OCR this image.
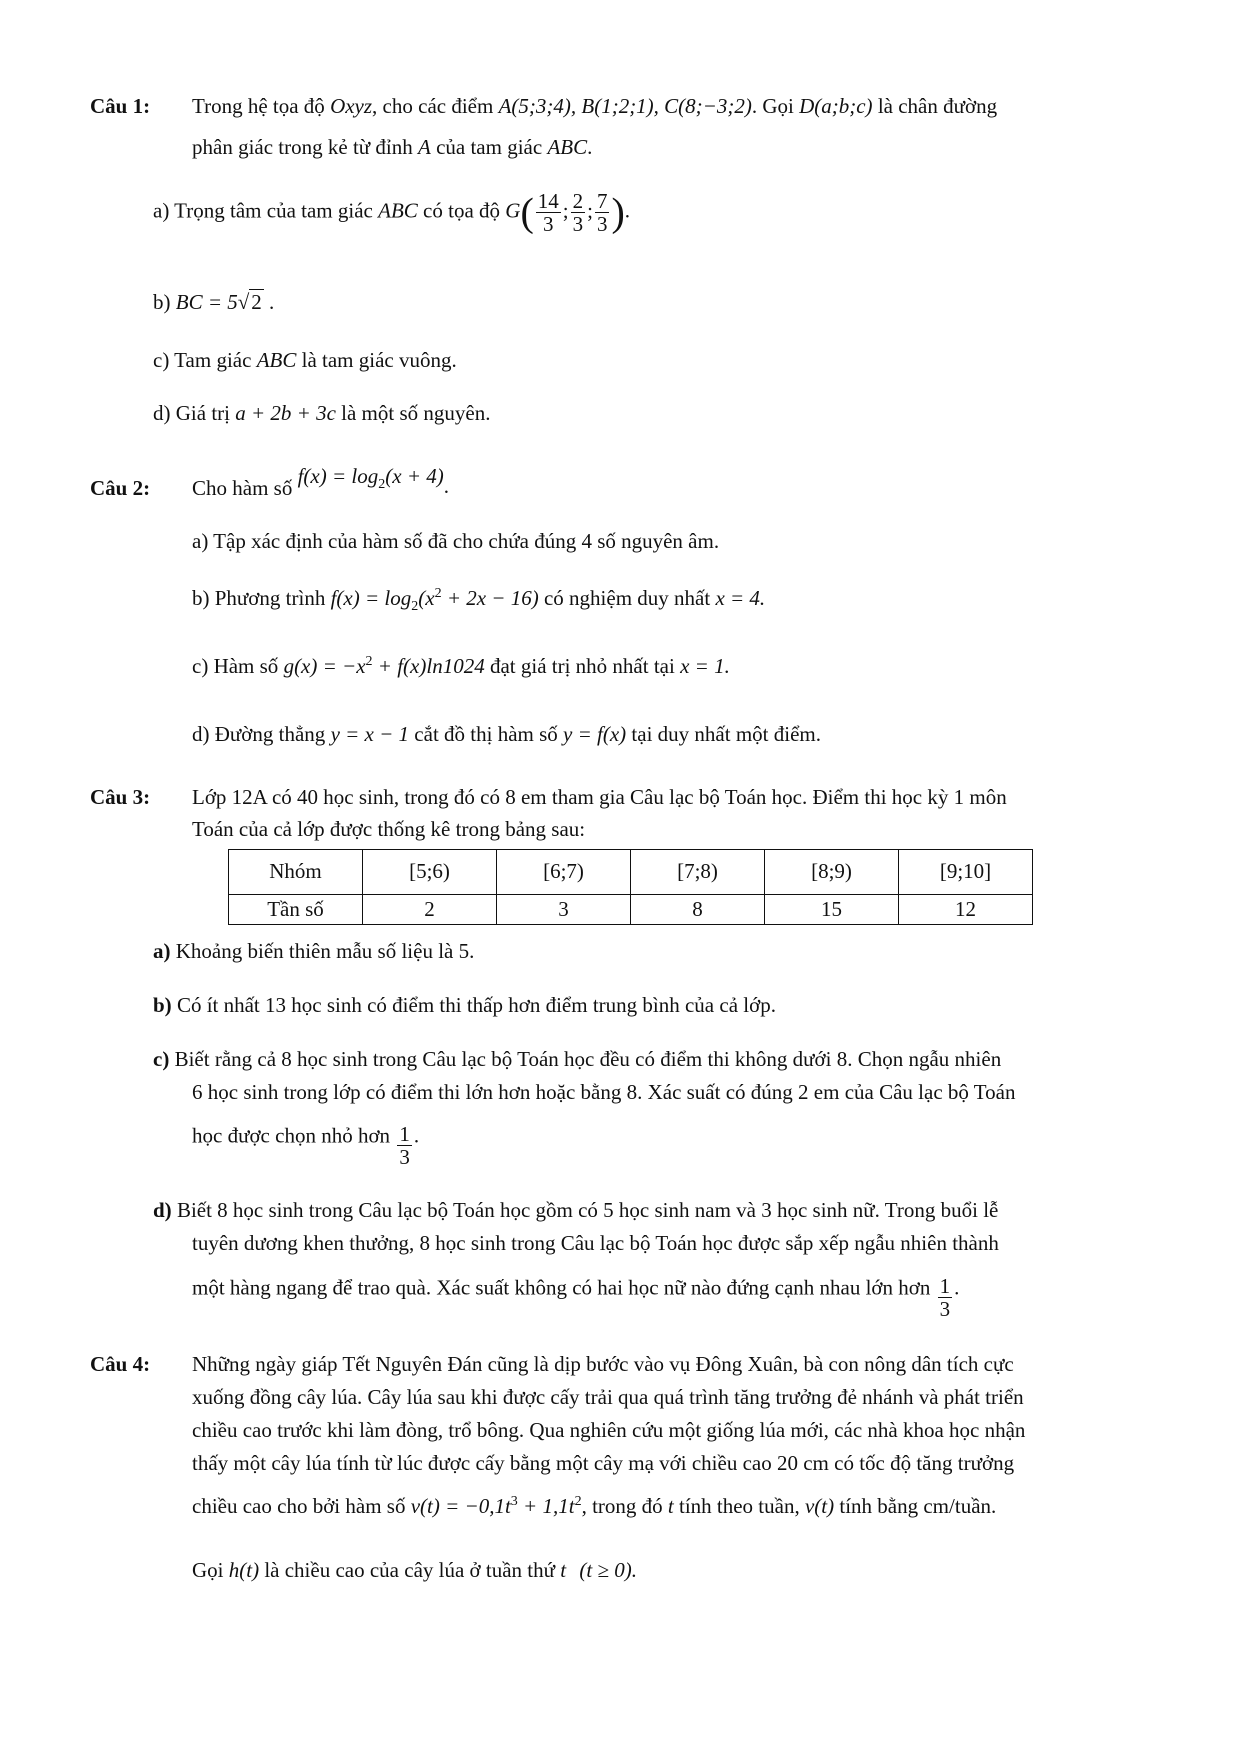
Câu 1: Trong hệ tọa độ Oxyz, cho các điểm A(5;3;4), B(1;2;1), C(8;−3;2). Gọi D(a;b;c) là chân đường
phân giác trong kẻ từ đỉnh A của tam giác ABC.
a) Trọng tâm của tam giác ABC có tọa độ $G( \frac{14}{3}$ ; $\frac{2}{3}$ ; $\frac{7}{3}$ ).
b) BC = 5√2 .
c) Tam giác ABC là tam giác vuông.
d) Giá trị a + 2b + 3c là một số nguyên.
Câu 2: Cho hàm số $f(x) = \log_2(x + 4)$.
a) Tập xác định của hàm số đã cho chứa đúng 4 số nguyên âm.
b) Phương trình $f(x) = \log_2(x^2 + 2x - 16)$ có nghiệm duy nhất x = 4.
c) Hàm số $g(x) = -x^2 + f(x)\ln 1024$ đạt giá trị nhỏ nhất tại x = 1.
d) Đường thẳng y = x − 1 cắt đồ thị hàm số y = f(x) tại duy nhất một điểm.
Câu 3: Lớp 12A có 40 học sinh, trong đó có 8 em tham gia Câu lạc bộ Toán học. Điểm thi học kỳ 1 môn
Toán của cả lớp được thống kê trong bảng sau:
Nhóm	[5;6)	[6;7)	[7;8)	[8;9)	[9;10]
Tần số	2	3	8	15	12
a) Khoảng biến thiên mẫu số liệu là 5.
b) Có ít nhất 13 học sinh có điểm thi thấp hơn điểm trung bình của cả lớp.
c) Biết rằng cả 8 học sinh trong Câu lạc bộ Toán học đều có điểm thi không dưới 8. Chọn ngẫu nhiên
6 học sinh trong lớp có điểm thi lớn hơn hoặc bằng 8. Xác suất có đúng 2 em của Câu lạc bộ Toán
học được chọn nhỏ hơn $\frac{1}{3}$ .
d) Biết 8 học sinh trong Câu lạc bộ Toán học gồm có 5 học sinh nam và 3 học sinh nữ. Trong buổi lễ
tuyên dương khen thưởng, 8 học sinh trong Câu lạc bộ Toán học được sắp xếp ngẫu nhiên thành
một hàng ngang để trao quà. Xác suất không có hai học nữ nào đứng cạnh nhau lớn hơn $\frac{1}{3}$ .
Câu 4: Những ngày giáp Tết Nguyên Đán cũng là dịp bước vào vụ Đông Xuân, bà con nông dân tích cực
xuống đồng cây lúa. Cây lúa sau khi được cấy trải qua quá trình tăng trưởng đẻ nhánh và phát triển
chiều cao trước khi làm đòng, trổ bông. Qua nghiên cứu một giống lúa mới, các nhà khoa học nhận
thấy một cây lúa tính từ lúc được cấy bằng một cây mạ với chiều cao 20 cm có tốc độ tăng trưởng
chiều cao cho bởi hàm số $v(t) = -0,1t^3 + 1,1t^2$, trong đó t tính theo tuần, v(t) tính bằng cm/tuần.
Gọi h(t) là chiều cao của cây lúa ở tuần thứ t (t ≥ 0).
